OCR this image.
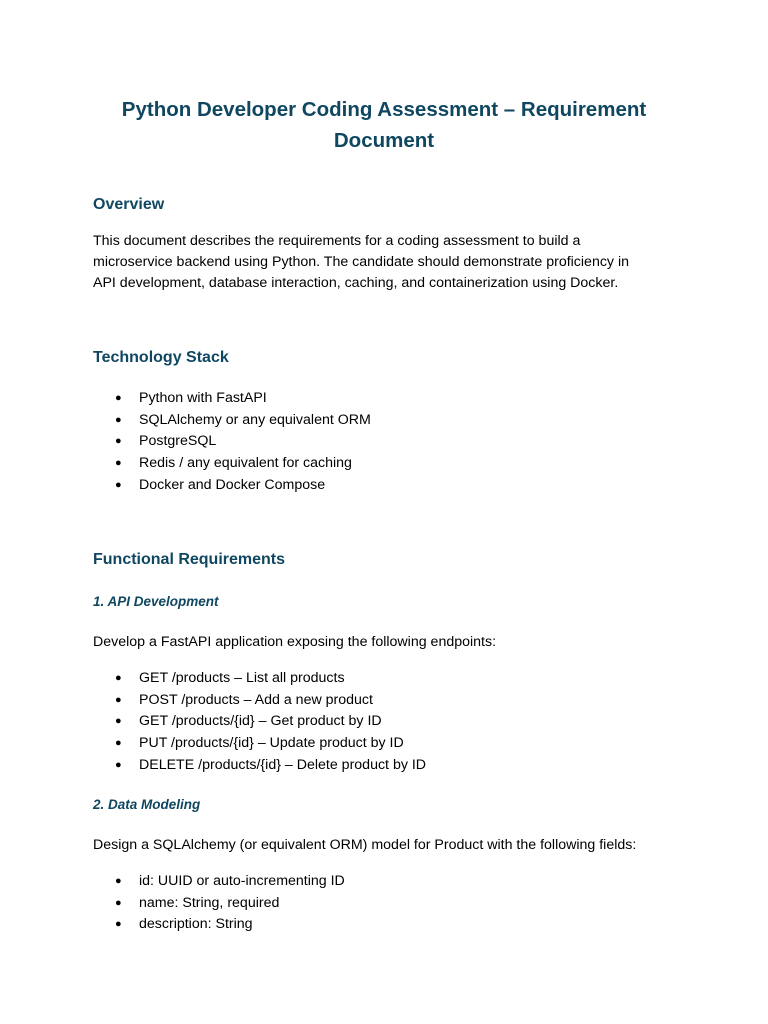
Python Developer Coding Assessment – Requirement
Document
Overview

This document describes the requirements for a coding assessment to build a
microservice backend using Python. The candidate should demonstrate proficiency in
API development, database interaction, caching, and containerization using Docker.

Technology Stack
● Python with FastAPI
● SQLAlchemy or any equivalent ORM
● PostgreSQL
● Redis / any equivalent for caching
● Docker and Docker Compose
Functional Requirements
1. API Development

Develop a FastAPI application exposing the following endpoints:

● GET /products – List all products
● POST /products – Add a new product
● GET /products/{id} – Get product by ID
● PUT /products/{id} – Update product by ID
● DELETE /products/{id} – Delete product by ID
2. Data Modeling

Design a SQLAlchemy (or equivalent ORM) model for Product with the following fields:

● id: UUID or auto-incrementing ID
● name: String, required
● description: String
